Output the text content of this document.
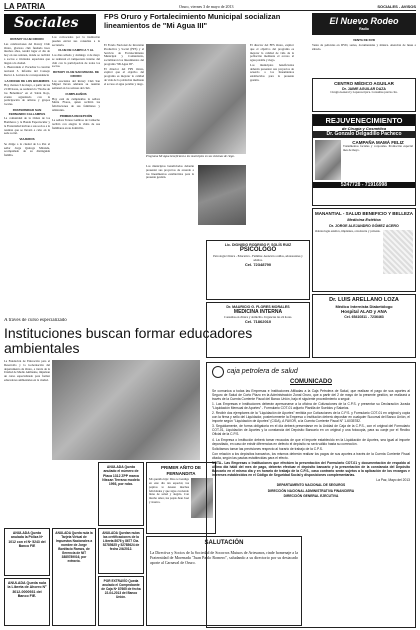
LA PATRIA	Oruro, viernes 3 de mayo de 2013	SOCIALES - AVISOS
Sociales
ROTARY CLUB ORURO

Las celebraciones del Rotary Club Oruro, glorioso club fundado hace muchos años, tendrá lugar el día de hoy en sus salones, donde se recibirá a socios e invitados especiales que llegan a la ciudad.

1. Bienvenida 2. Escuchar la canción nacional 3. Informe del Consejo Rector 4. Lectura de correspondencia

LA NOCHE DE LOS BOHEMIOS

Hoy viernes 3 de mayo, a partir de las 21:00 horas, se realizará la "Noche de los Bohemios" en el Salón Rojo, evento organizado con la participación de artistas y grupos locales.

FRATERNIDAD SAN FERNANDO CALLAMPAS

La comunidad de la Orden de los Bomberos y la Banda Espectacular y la Fraternidad invitan a sus socios a la reunión que se llevará a cabo en la sede social.

VIAJEROS

Se dirige a la ciudad de La Paz el señor Jorge Quiroga Miranda, acompañado de su distinguida familia.

Los convocados por la institución pueden enviar sus consultas a la secretaría.

CLUB DE CAMPO A Y AL

Los días sábado y domingo 4 de mayo se realizará el campeonato interno del club con la participación de todos los socios.

ROTARY CLUB SAN MIGUEL DE ORURO

Los asociados del Rotary Club San Miguel llevan adelante su reunión semanal en los salones del club.

CUMPLEAÑOS

Hoy está de cumpleaños la señora María Flores, quien recibirá las felicitaciones de sus familiares y amistades.

PRIMERA RECEPCIÓN

La señora Teresa Gamboa de Camacho recibió con alegría la visita de sus familiares en su domicilio.

FPS Oruro y Fortalecimiento Municipal socializan lineamientos de "Mi Agua III"

El Fondo Nacional de Inversión Productiva y Social (FPS) y el Servicio de Fortalecimiento Municipal y Comunitario, socializaron los lineamientos del programa "Mi Agua III".

El director del FPS Oruro, explicó que el objetivo del programa es mejorar la calidad de vida de la población mediante el acceso al agua potable y riego.

Programa Mi Agua beneficiará a los municipios en sus sistemas de riego.

Los municipios beneficiados deberán presentar sus proyectos de acuerdo a los lineamientos establecidos para la presente gestión.

El director del FPS Oruro, explicó que el objetivo del programa es mejorar la calidad de vida de la población mediante el acceso al agua potable y riego.

Los municipios beneficiados deberán presentar sus proyectos de acuerdo a los lineamientos establecidos para la presente gestión.

A través de curso especializado
Instituciones buscan formar educadores ambientales
La Fundación de Educación para el Desarrollo y la Gobernación del departamento de Oruro, a través de la Unidad de Medio Ambiente, impulsan un curso especializado para formar educadores ambientales en la ciudad.
ANULADA Queda anulada la Póliza Nº 1012 con el Nº 5243 del Banco FIE
ANULADA Queda nula la Libreta de Ahorro Nº 3012-0000931 del Banco FIE.
ANULADA Queda anulado el número de Placa 1312 ZPP marca Nissan Terrano modelo 1993, por robo.
ANULADA Queda nula la Tarjeta Virtual de Impuestos Nacionales a nombre de Jorge Bonifacio Ramos, de Gerencia de NIT 3885789016, por extravío.
ANULADA Quedan nulas las certificaciones de la Libreta 8676 y 8677 Cta. 52785625 y 52785624 de fecha 2/4/2012.
POR EXTRAVÍO Queda anulado el Comprobante de Caja Nº 87665 de fecha 22-04-2013 del Banco Unión.
PRIMER AÑITO DE FERNANDITA
Mi querida hija: Dios te bendiga en este día tan especial, tus papitos te desean muchas felicidades y que sigas creciendo llena de salud y alegría. Con mucho amor, tus papás Juan José y Jessica.
SALUTACIÓN
La Directiva y Socios de la Sociedad de Socorros Mutuos de Artesanos, rinde homenaje a la Fraternidad de Morenada "Juan Pablo Romero", saludando a su directorio por su destacado aporte al Carnaval de Oruro.
Lic. DIONISIO RODRIGO F. SOLÍS RUIZ
PSICÓLOGO
Psicología Clínica - Educativa - Familiar. Atención a niños, adolescentes y adultos.
Cel. 72348790
Dr. MAURICIO G. FLORES MORALES
MEDICINA INTERNA
Consultas en clínica y domicilio. Urgencias las 24 horas.
Cel. 71862010
El Nuevo Rodeo
Radio
VENTA DE DVD

Venta de películas en DVD, series, documentales y música. Atención de lunes a sábado.

CENTRO MÉDICO AGUILAR
Dr. JAIME AGUILAR DAZA
Cirugía General y Laparoscópica. Consultas previa cita.
REJUVENECIMIENTO
de Cirugía y Cosmética
Dr. Gonzalo Delgadillo Pacheco
CAMPAÑA MAMÁ FELIZ
Tratamientos faciales y corporales. Promoción especial mes de mayo.
5247728 - 71916998
MANANTIAL - SALUD BENEFICIO Y BELLEZA
Medicina Estética
Dr. JORGE ALEJANDRO GÓMEZ ACERO
Odontología estética, implantes, ortodoncia y prótesis.
Dr. LUIS ARELLANO LOZA
Médico Internista Diabetólogo
Hospital ALAD y ANA
Cel. 65410811 - 7236463
caja petrolera de salud
COMUNICADO

Se comunica a todas las Empresas e Instituciones Afiliadas a la Caja Petrolera de Salud, que realizan el pago de sus aportes al Seguro de Salud de Corto Plazo en la Administración Zonal Oruro, que a partir del 2 de mayo de la presente gestión, se realizará a través de la Cuenta Corriente Fiscal del Banco Unión, bajo el siguiente procedimiento a seguir.

1. Las Empresas e Instituciones deberán apersonarse a la oficina de Cotizaciones de la C.P.S. y presentar su Declaración Jurada "Liquidación Mensual de Aportes" - Formulario COT-01 adjunto Planilla de Sueldos y Salarios.

2. Recibir dos ejemplares de la "Liquidación de Aportes" emitida por Cotizaciones de la C.P.S. y Formulario COT-01 en original y copia con la firma y sello del Liquidador, posteriormente la Empresa o Institución deberá depositar en cualquier Sucursal del Banco Unión, el importe según "Liquidación de Aportes" (CIDA), A FAVOR, a la Cuenta Corriente Fiscal N° 1-6035782.

3. Seguidamente, de forma obligatoria en el día deberá presentarse en la Unidad de Caja de la C.P.S., con el original del Formulario COT-01, Liquidación de Aportes y la constancia del Depósito Bancario en un original y una fotocopia, para su canje por el Recibo Oficial de la C.P.S.

4. La Empresa o Institución deberá tomar recaudos de que el importe establecido en la Liquidación de Aportes, sea igual al importe depositado, en caso de existir diferencias en defecto el depósito no será válido hasta su corrección.

Solicitamos tomar las previsiones respecto al horario de trabajo de la C.P.S.

Con relación a los depósitos bancarios, los mismos deberán realizar los pagos de sus aportes a través de la Cuenta Corriente Fiscal citada, según las pautas establecidas para el efecto.

NOTA.- Las Empresas o Instituciones que efectúen la presentación del Formulario COT-01 y documentación de respaldo al último día hábil del mes de pago, deberán efectuar el depósito bancario y la presentación de la constancia del Depósito Bancario en el mismo día y en horario de trabajo de la C.P.S., caso contrario serán sujetos a la aplicación de los recargos e intereses establecidos en el Código de Seguridad Social y disposiciones complementarias.

La Paz, Mayo del 2013

DEPARTAMENTO NACIONAL DE SEGUROS

DIRECCIÓN NACIONAL ADMINISTRATIVA FINANCIERA

DIRECCIÓN GENERAL EJECUTIVA
